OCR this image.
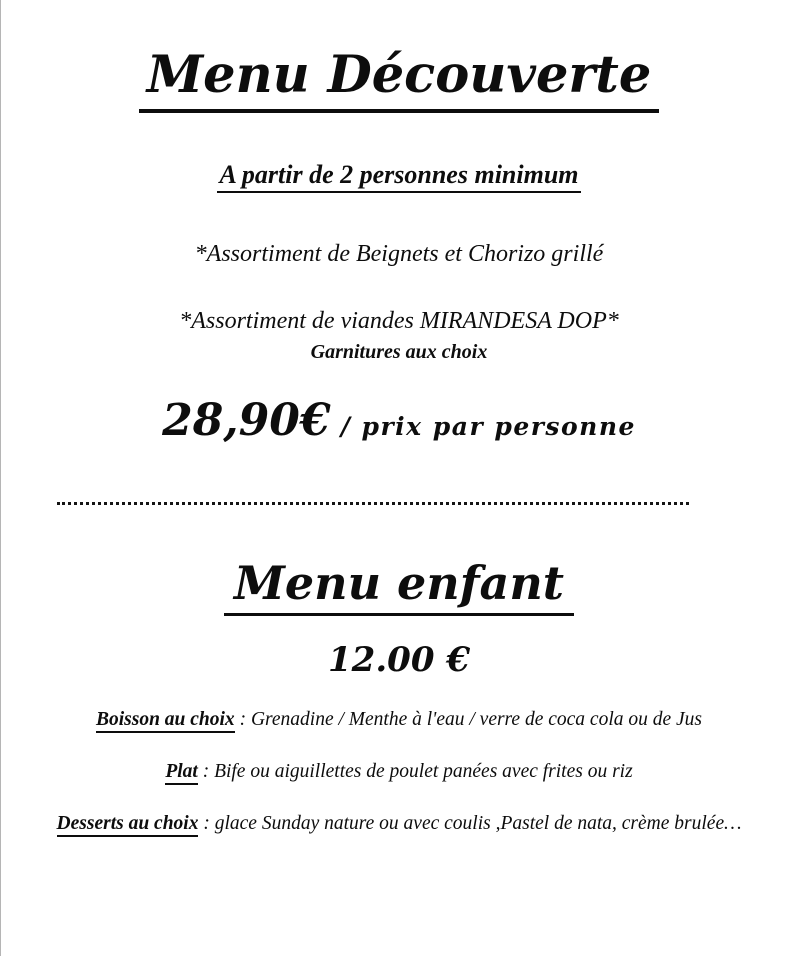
Menu Découverte
A partir de 2 personnes minimum
*Assortiment de Beignets et Chorizo grillé
*Assortiment de viandes MIRANDESA DOP*
Garnitures aux choix
28,90€ / prix par personne
Menu enfant
12.00 €
Boisson au choix : Grenadine / Menthe à l'eau / verre de coca cola ou de Jus
Plat : Bife ou aiguillettes de poulet panées avec frites ou riz
Desserts au choix : glace Sunday nature ou avec coulis ,Pastel de nata, crème brulée…
